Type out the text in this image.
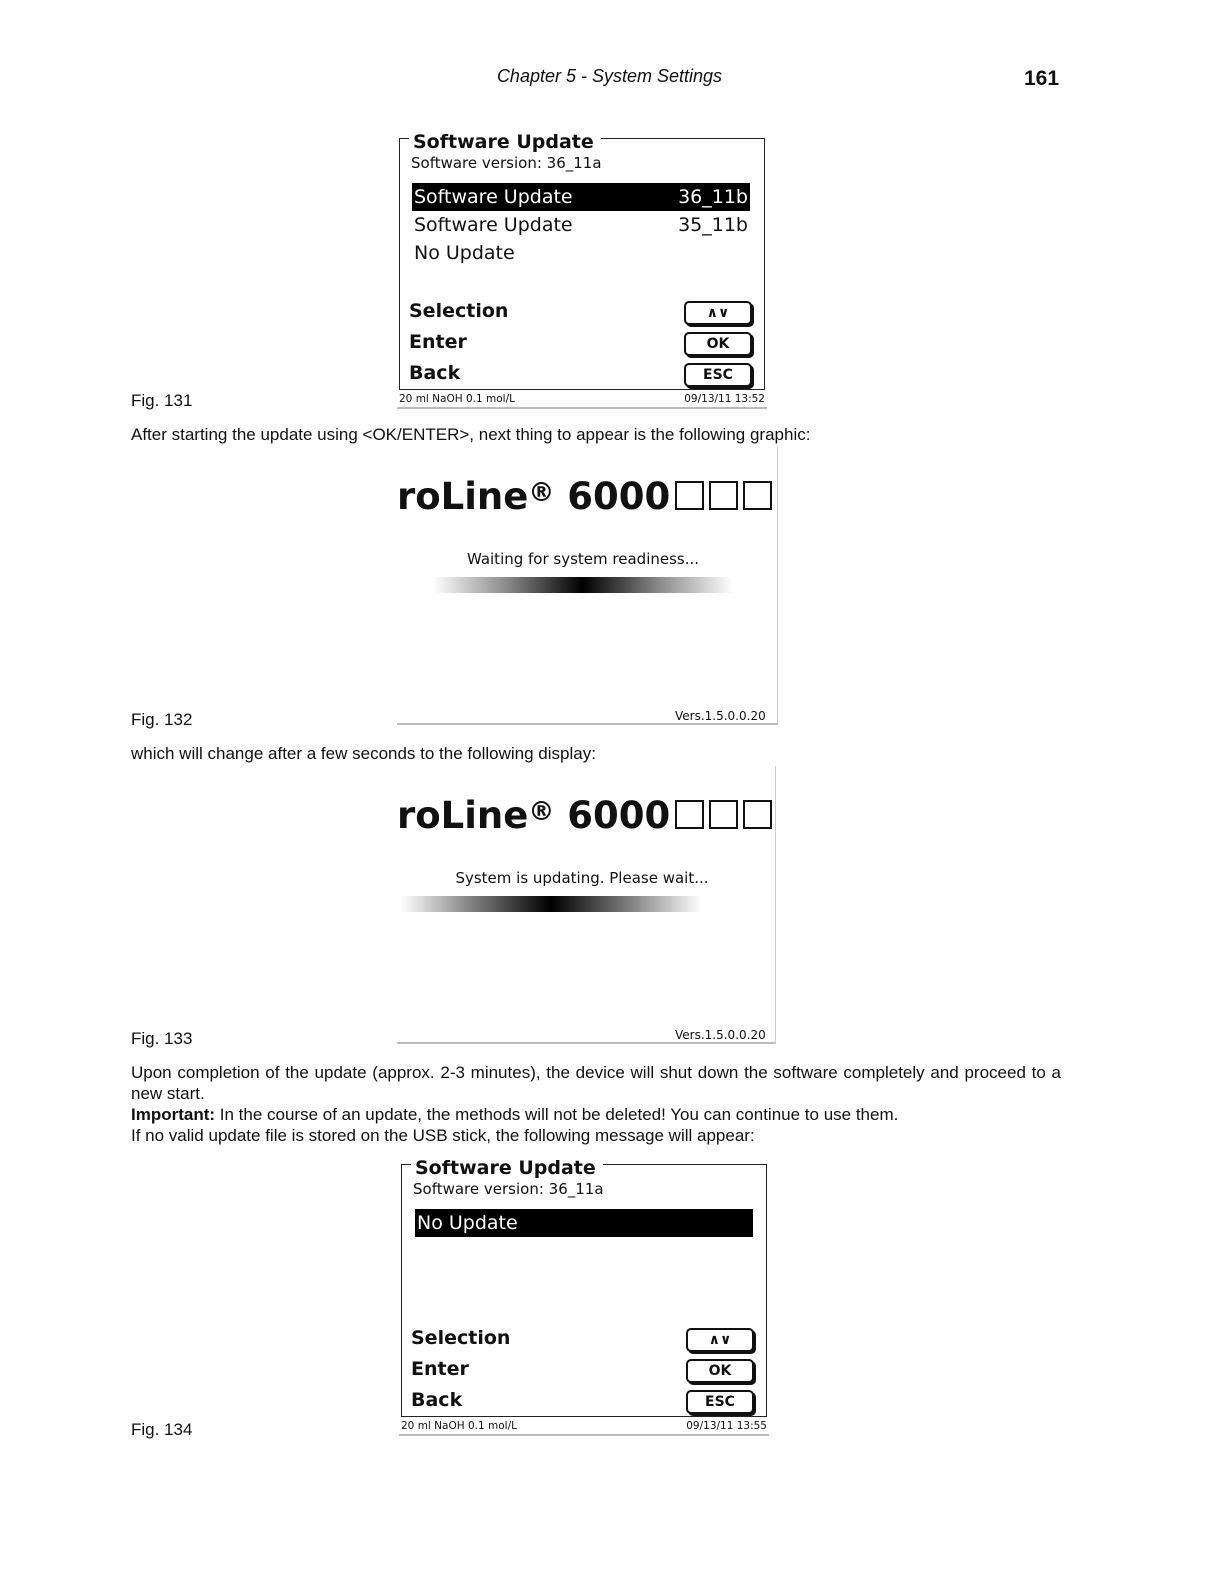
Chapter 5 - System Settings	161
Software Update
Software version: 36_11a
Software Update	36_11b
Software Update	35_11b
No Update
Selection
Enter
Back
∧∨
OK
ESC
20 ml NaOH 0.1 mol/L	09/13/11 13:52
Fig. 131
After starting the update using <OK/ENTER>, next thing to appear is the following graphic:
roLine® 6000
Waiting for system readiness...
Vers.1.5.0.0.20
Fig. 132
which will change after a few seconds to the following display:
roLine® 6000
System is updating. Please wait...
Vers.1.5.0.0.20
Fig. 133
Upon completion of the update (approx. 2-3 minutes), the device will shut down the software completely and proceed to a new start.
Important: In the course of an update, the methods will not be deleted! You can continue to use them.
If no valid update file is stored on the USB stick, the following message will appear:
Software Update
Software version: 36_11a
No Update
Selection
Enter
Back
∧∨
OK
ESC
20 ml NaOH 0.1 mol/L	09/13/11 13:55
Fig. 134
